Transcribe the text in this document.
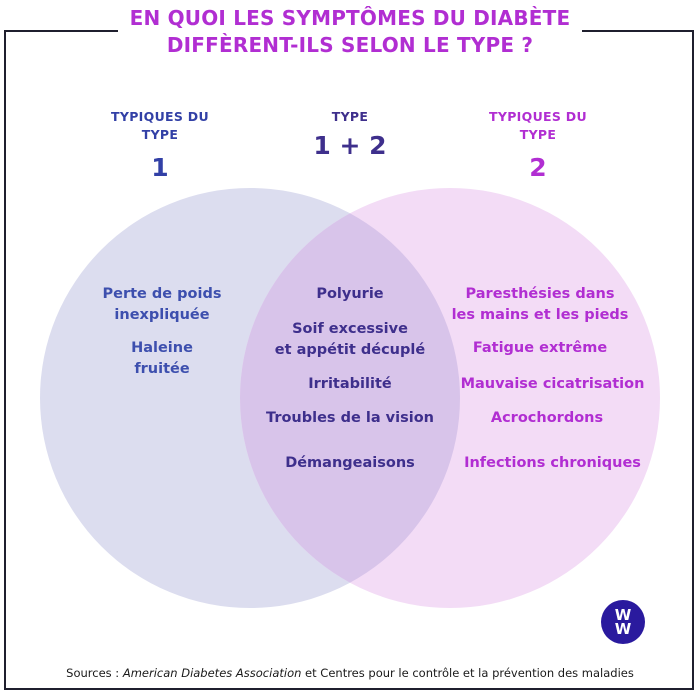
EN QUOI LES SYMPTÔMES DU DIABÈTE
DIFFÈRENT-ILS SELON LE TYPE ?
TYPIQUES DU TYPE
1
TYPE
1 + 2
TYPIQUES DU TYPE
2
Perte de poids
inexpliquée
Haleine
fruitée
Polyurie
Soif excessive
et appétit décuplé
Irritabilité
Troubles de la vision
Démangeaisons
Paresthésies dans
les mains et les pieds
Fatigue extrême
Mauvaise cicatrisation
Acrochordons
Infections chroniques
W
W
Sources : American Diabetes Association et Centres pour le contrôle et la prévention des maladies
